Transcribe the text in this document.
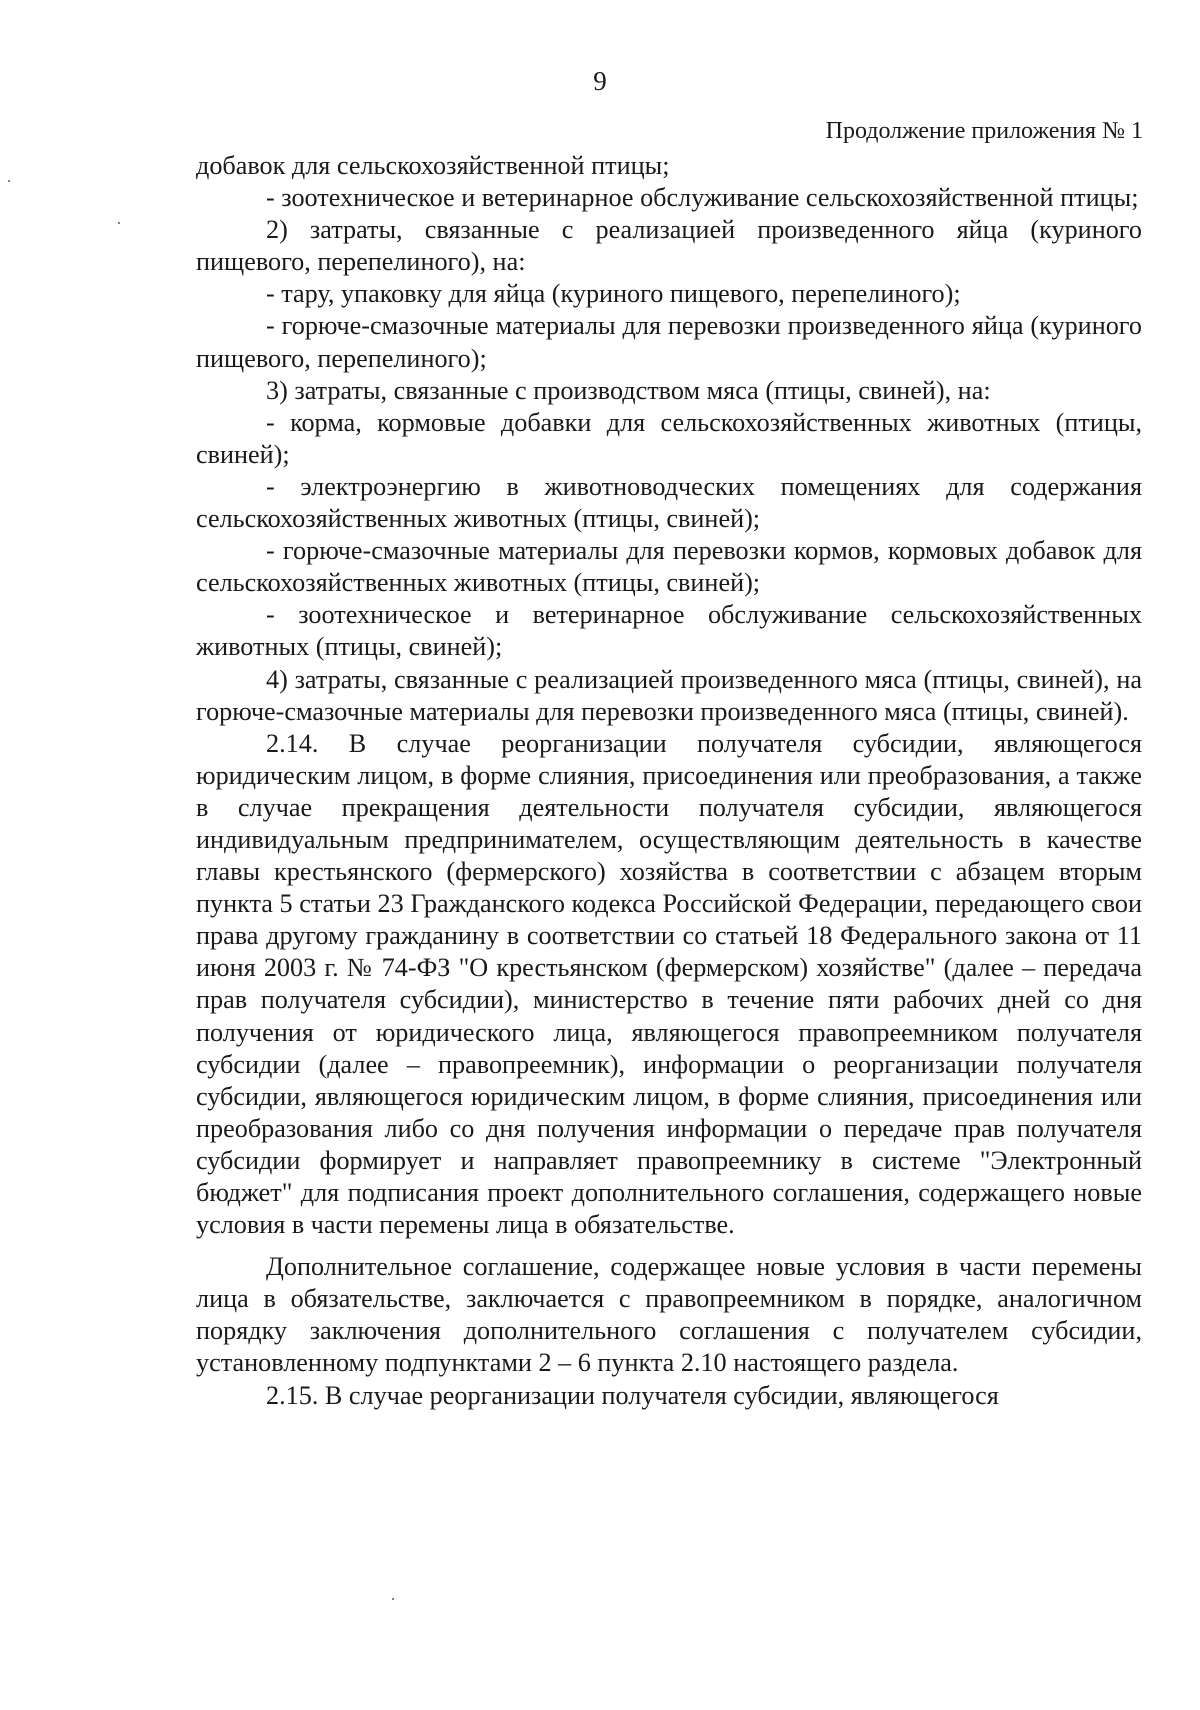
9
Продолжение приложения № 1

добавок для сельскохозяйственной птицы;

- зоотехническое и ветеринарное обслуживание сельскохозяйственной птицы;

2) затраты, связанные с реализацией произведенного яйца (куриного пищевого, перепелиного), на:

- тару, упаковку для яйца (куриного пищевого, перепелиного);

- горюче-смазочные материалы для перевозки произведенного яйца (куриного пищевого, перепелиного);

3) затраты, связанные с производством мяса (птицы, свиней), на:

- корма, кормовые добавки для сельскохозяйственных животных (птицы, свиней);

- электроэнергию в животноводческих помещениях для содержания сельскохозяйственных животных (птицы, свиней);

- горюче-смазочные материалы для перевозки кормов, кормовых добавок для сельскохозяйственных животных (птицы, свиней);

- зоотехническое и ветеринарное обслуживание сельскохозяйственных животных (птицы, свиней);

4) затраты, связанные с реализацией произведенного мяса (птицы, свиней), на горюче-смазочные материалы для перевозки произведенного мяса (птицы, свиней).

2.14. В случае реорганизации получателя субсидии, являющегося юридическим лицом, в форме слияния, присоединения или преобразования, а также в случае прекращения деятельности получателя субсидии, являющегося индивидуальным предпринимателем, осуществляющим деятельность в качестве главы крестьянского (фермерского) хозяйства в соответствии с абзацем вторым пункта 5 статьи 23 Гражданского кодекса Российской Федерации, передающего свои права другому гражданину в соответствии со статьей 18 Федерального закона от 11 июня 2003 г. № 74-ФЗ "О крестьянском (фермерском) хозяйстве" (далее – передача прав получателя субсидии), министерство в течение пяти рабочих дней со дня получения от юридического лица, являющегося правопреемником получателя субсидии (далее – правопреемник), информации о реорганизации получателя субсидии, являющегося юридическим лицом, в форме слияния, присоединения или преобразования либо со дня получения информации о передаче прав получателя субсидии формирует и направляет правопреемнику в системе "Электронный бюджет" для подписания проект дополнительного соглашения, содержащего новые условия в части перемены лица в обязательстве.

Дополнительное соглашение, содержащее новые условия в части перемены лица в обязательстве, заключается с правопреемником в порядке, аналогичном порядку заключения дополнительного соглашения с получателем субсидии, установленному подпунктами 2 – 6 пункта 2.10 настоящего раздела.

2.15. В случае реорганизации получателя субсидии, являющегося
